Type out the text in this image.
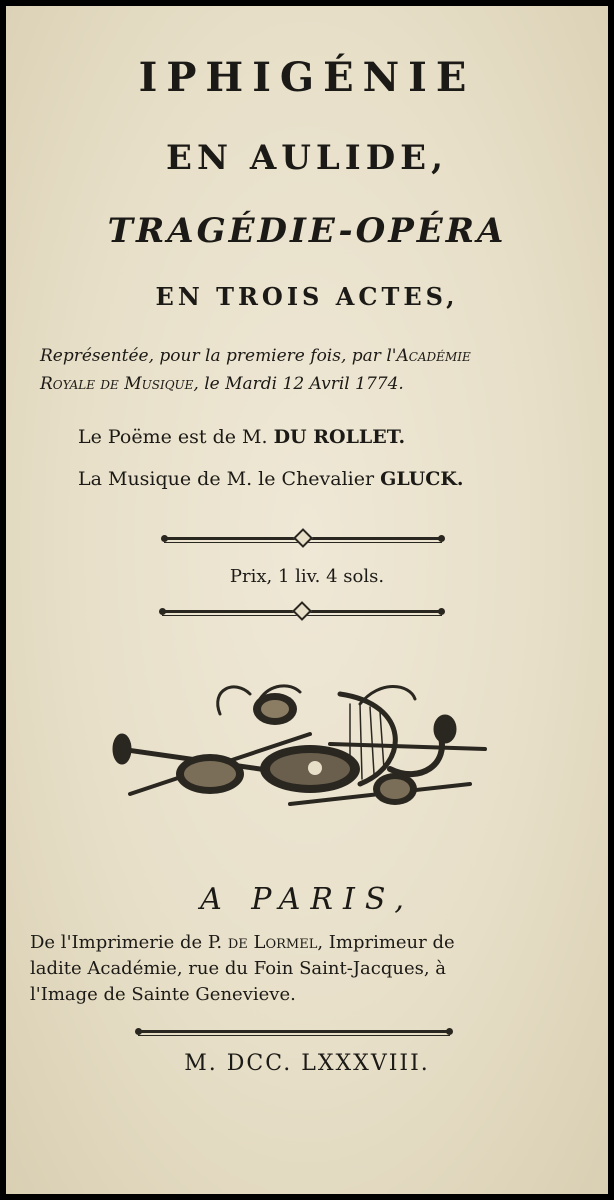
IPHIGÉNIE
EN AULIDE,
TRAGÉDIE-OPÉRA
EN TROIS ACTES,
Représentée, pour la premiere fois, par l'Académie
Royale de Musique, le Mardi 12 Avril 1774.
Le Poëme est de M. DU ROLLET.
La Musique de M. le Chevalier GLUCK.
Prix, 1 liv. 4 sols.
A PARIS,
De l'Imprimerie de P. de Lormel, Imprimeur de
ladite Académie, rue du Foin Saint-Jacques, à
l'Image de Sainte Genevieve.
M. DCC. LXXXVIII.
